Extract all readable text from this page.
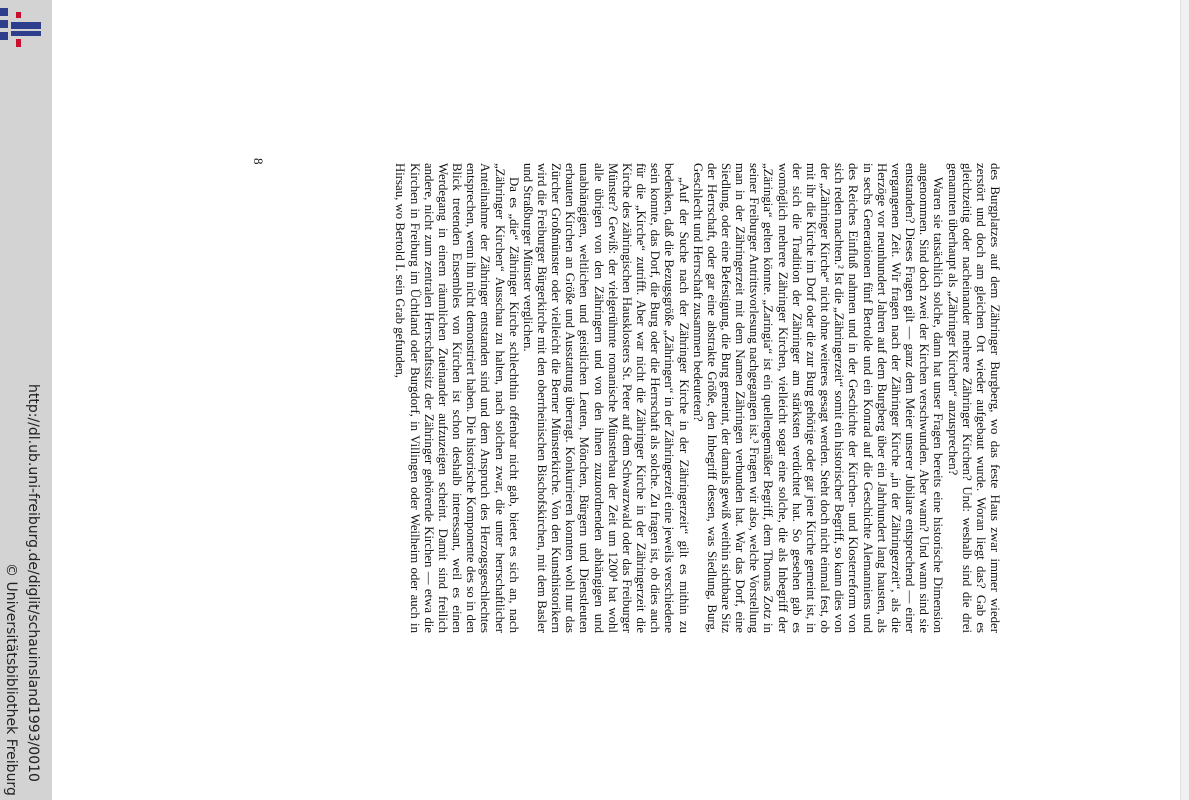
http://dl.ub.uni-freiburg.de/diglit/schauinsland1993/0010
© Universitätsbibliothek Freiburg

des Burgplatzes auf dem Zähringer Burgberg, wo das feste Haus zwar immer wieder zerstört und doch am gleichen Ort wieder aufgebaut wurde. Woran liegt das? Gab es gleichzeitig oder nacheinander mehrere Zähringer Kirchen? Und: weshalb sind die drei genannten überhaupt als „Zähringer Kirchen“ anzusprechen?

Waren sie tatsächlich solche, dann hat unser Fragen bereits eine historische Dimension angenommen. Sind doch zwei der Kirchen verschwunden. Aber wann? Und wann sind sie entstanden? Dieses Fragen gilt — ganz dem Meier unserer Jubilare entsprechend — einer vergangenen Zeit. Wir fragen nach der Zähringer Kirche „in der Zähringerzeit“, als die Herzöge vor neunhundert Jahren auf dem Burgberg über ein Jahrhundert lang hausten, als in sechs Generationen fünf Bertolde und ein Konrad auf die Geschichte Alemanniens und des Reiches Einfluß nahmen und in der Geschichte der Kirchen- und Klosterreform von sich reden machten.² Ist die „Zähringerzeit“ somit ein historischer Begriff, so kann dies von der „Zähringer Kirche“ nicht ohne weiteres gesagt werden. Steht doch nicht einmal fest, ob mit ihr die Kirche im Dorf oder die zur Burg gehörige oder gar jene Kirche gemeint ist, in der sich die Tradition der Zähringer am stärksten verdichtet hat. So gesehen gab es womöglich mehrere Zähringer Kirchen, vielleicht sogar eine solche, die als Inbegriff der „Zäringia“ gelten könnte. „Zaringia“ ist ein quellengemäßer Begriff, dem Thomas Zotz in seiner Freiburger Antrittsvorlesung nachgegangen ist.³ Fragen wir also, welche Vorstellung man in der Zähringerzeit mit dem Namen Zähringen verbunden hat. War das Dorf, eine Siedlung, oder eine Befestigung, die Burg gemeint, der damals gewiß weithin sichtbare Sitz der Herrschaft, oder gar eine abstrakte Größe, den Inbegriff dessen, was Siedlung, Burg, Geschlecht und Herrschaft zusammen bedeuteten?

„Auf der Suche nach der Zähringer Kirche in der Zähringerzeit“ gilt es mithin zu bedenken, daß die Bezugsgröße „Zähringen“ in der Zähringerzeit eine jeweils verschiedene sein konnte, das Dorf, die Burg oder die Herrschaft als solche. Zu fragen ist, ob dies auch für die „Kirche“ zutrifft. Aber war nicht die Zähringer Kirche in der Zähringerzeit die Kirche des zähringischen Hausklosters St. Peter auf dem Schwarzwald oder das Freiburger Münster? Gewiß: der vielgerühmte romanische Münsterbau der Zeit um 1200⁴ hat wohl alle übrigen von den Zähringern und von den ihnen zuzuordnenden abhängigen und unabhängigen, weltlichen und geistlichen Leuten, Mönchen, Bürgern und Dienstleuten erbauten Kirchen an Größe und Ausstattung überragt. Konkurrieren konnten wohl nur das Zürcher Großmünster oder vielleicht die Berner Münsterkirche. Von den Kunsthistorikern wird die Freiburger Bürgerkirche mit den oberrheinischen Bischofskirchen, mit dem Basler und Straßburger Münster verglichen.

Da es „die“ Zähringer Kirche schlechthin offenbar nicht gab, bietet es sich an, nach „Zähringer Kirchen“ Ausschau zu halten, nach solchen zwar, die unter herrschaftlicher Anteilnahme der Zähringer entstanden sind und dem Anspruch des Herzogsgeschlechtes entsprechen, wenn ihn nicht demonstriert haben. Die historische Komponente des so in den Blick tretenden Ensembles von Kirchen ist schon deshalb interessant, weil es einen Werdegang in einem räumlichen Zueinander aufzuzeigen scheint. Damit sind freilich andere, nicht zum zentralen Herrschaftssitz der Zähringer gehörende Kirchen — etwa die Kirchen in Freiburg im Üchtland oder Burgdorf, in Villingen oder Weilheim oder auch in Hirsau, wo Bertold I. sein Grab gefunden,

8
